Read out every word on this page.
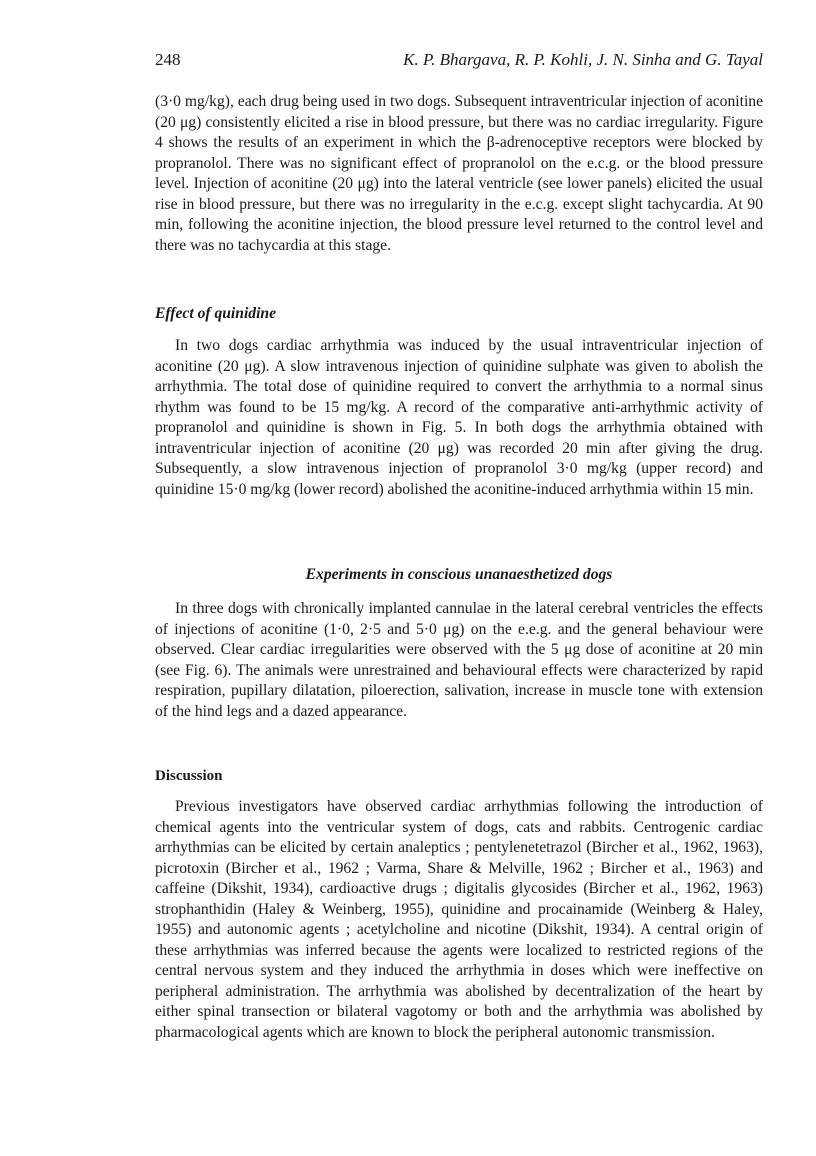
248	K. P. Bhargava, R. P. Kohli, J. N. Sinha and G. Tayal

(3·0 mg/kg), each drug being used in two dogs. Subsequent intraventricular injection of aconitine (20 μg) consistently elicited a rise in blood pressure, but there was no cardiac irregularity. Figure 4 shows the results of an experiment in which the β-adrenoceptive receptors were blocked by propranolol. There was no significant effect of propranolol on the e.c.g. or the blood pressure level. Injection of aconitine (20 μg) into the lateral ventricle (see lower panels) elicited the usual rise in blood pressure, but there was no irregularity in the e.c.g. except slight tachycardia. At 90 min, following the aconitine injection, the blood pressure level returned to the control level and there was no tachycardia at this stage.

Effect of quinidine

In two dogs cardiac arrhythmia was induced by the usual intraventricular injection of aconitine (20 μg). A slow intravenous injection of quinidine sulphate was given to abolish the arrhythmia. The total dose of quinidine required to convert the arrhythmia to a normal sinus rhythm was found to be 15 mg/kg. A record of the comparative anti-arrhythmic activity of propranolol and quinidine is shown in Fig. 5. In both dogs the arrhythmia obtained with intraventricular injection of aconitine (20 μg) was recorded 20 min after giving the drug. Subsequently, a slow intravenous injection of propranolol 3·0 mg/kg (upper record) and quinidine 15·0 mg/kg (lower record) abolished the aconitine-induced arrhythmia within 15 min.

Experiments in conscious unanaesthetized dogs

In three dogs with chronically implanted cannulae in the lateral cerebral ventricles the effects of injections of aconitine (1·0, 2·5 and 5·0 μg) on the e.e.g. and the general behaviour were observed. Clear cardiac irregularities were observed with the 5 μg dose of aconitine at 20 min (see Fig. 6). The animals were unrestrained and behavioural effects were characterized by rapid respiration, pupillary dilatation, piloerection, salivation, increase in muscle tone with extension of the hind legs and a dazed appearance.

Discussion

Previous investigators have observed cardiac arrhythmias following the introduction of chemical agents into the ventricular system of dogs, cats and rabbits. Centrogenic cardiac arrhythmias can be elicited by certain analeptics ; pentylenetetrazol (Bircher et al., 1962, 1963), picrotoxin (Bircher et al., 1962 ; Varma, Share & Melville, 1962 ; Bircher et al., 1963) and caffeine (Dikshit, 1934), cardioactive drugs ; digitalis glycosides (Bircher et al., 1962, 1963) strophanthidin (Haley & Weinberg, 1955), quinidine and procainamide (Weinberg & Haley, 1955) and autonomic agents ; acetylcholine and nicotine (Dikshit, 1934). A central origin of these arrhythmias was inferred because the agents were localized to restricted regions of the central nervous system and they induced the arrhythmia in doses which were ineffective on peripheral administration. The arrhythmia was abolished by decentralization of the heart by either spinal transection or bilateral vagotomy or both and the arrhythmia was abolished by pharmacological agents which are known to block the peripheral autonomic transmission.
